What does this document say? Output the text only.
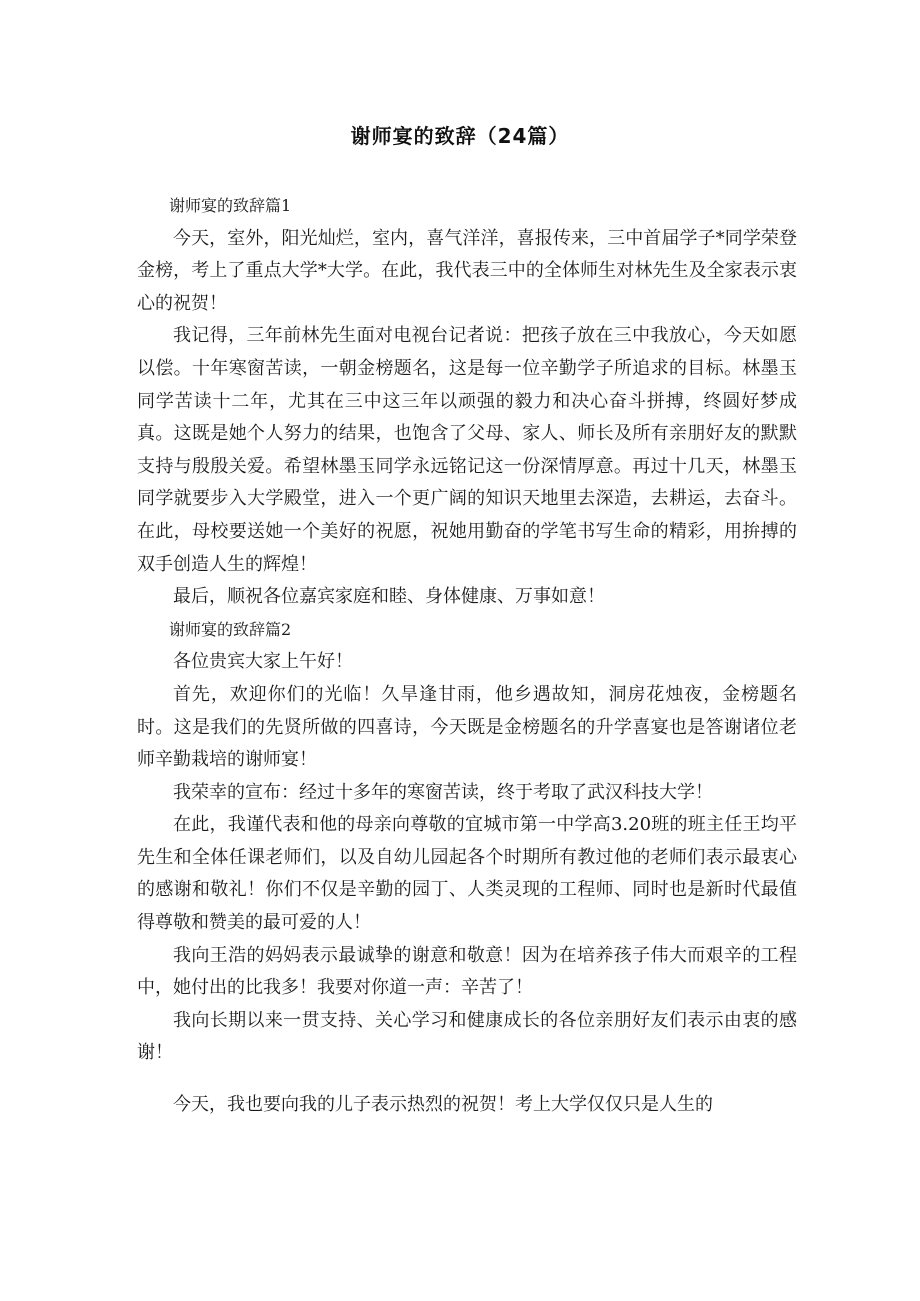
谢师宴的致辞（24篇）

谢师宴的致辞篇1

今天，室外，阳光灿烂，室内，喜气洋洋，喜报传来，三中首届学子*同学荣登金榜，考上了重点大学*大学。在此，我代表三中的全体师生对林先生及全家表示衷心的祝贺！

我记得，三年前林先生面对电视台记者说：把孩子放在三中我放心，今天如愿以偿。十年寒窗苦读，一朝金榜题名，这是每一位辛勤学子所追求的目标。林墨玉同学苦读十二年，尤其在三中这三年以顽强的毅力和决心奋斗拼搏，终圆好梦成真。这既是她个人努力的结果，也饱含了父母、家人、师长及所有亲朋好友的默默支持与殷殷关爱。希望林墨玉同学永远铭记这一份深情厚意。再过十几天，林墨玉同学就要步入大学殿堂，进入一个更广阔的知识天地里去深造，去耕运，去奋斗。在此，母校要送她一个美好的祝愿，祝她用勤奋的学笔书写生命的精彩，用拚搏的双手创造人生的辉煌！

最后，顺祝各位嘉宾家庭和睦、身体健康、万事如意！

谢师宴的致辞篇2

各位贵宾大家上午好！

首先，欢迎你们的光临！久旱逢甘雨，他乡遇故知，洞房花烛夜，金榜题名时。这是我们的先贤所做的四喜诗，今天既是金榜题名的升学喜宴也是答谢诸位老师辛勤栽培的谢师宴！

我荣幸的宣布：经过十多年的寒窗苦读，终于考取了武汉科技大学！

在此，我谨代表和他的母亲向尊敬的宜城市第一中学高3.20班的班主任王均平先生和全体任课老师们，以及自幼儿园起各个时期所有教过他的老师们表示最衷心的感谢和敬礼！你们不仅是辛勤的园丁、人类灵现的工程师、同时也是新时代最值得尊敬和赞美的最可爱的人！

我向王浩的妈妈表示最诚挚的谢意和敬意！因为在培养孩子伟大而艰辛的工程中，她付出的比我多！我要对你道一声：辛苦了！

我向长期以来一贯支持、关心学习和健康成长的各位亲朋好友们表示由衷的感谢！

今天，我也要向我的儿子表示热烈的祝贺！考上大学仅仅只是人生的
